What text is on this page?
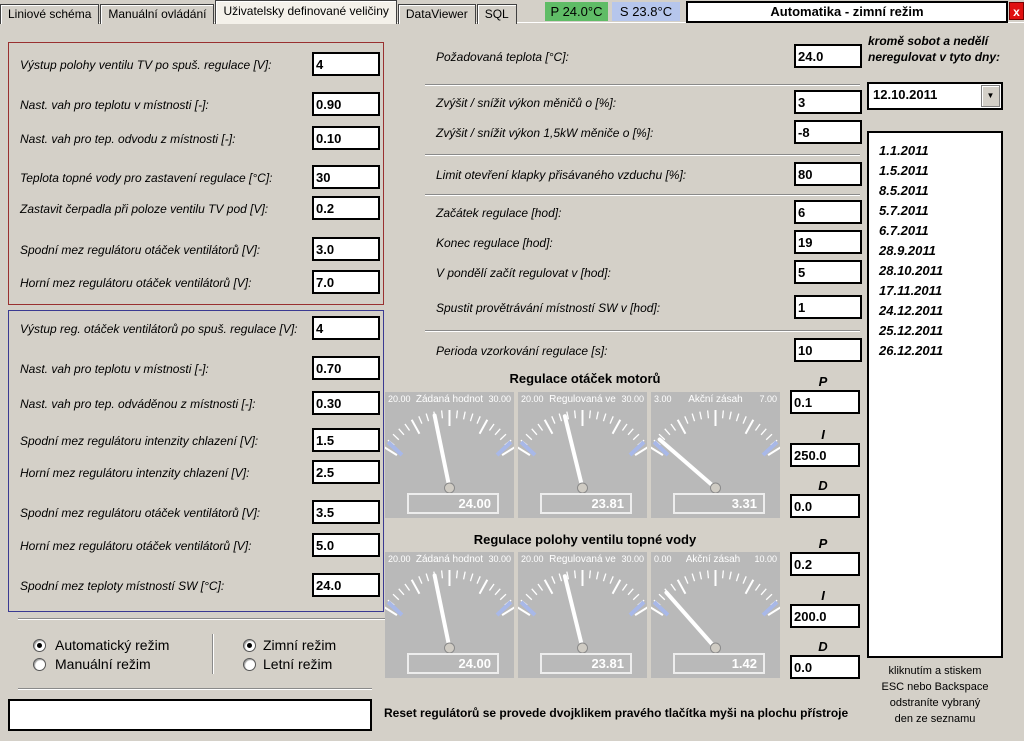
Liniové schéma Manuální ovládání Uživatelsky definované veličiny DataViewer SQL	P 24.0°C	S 23.8°C	Automatika - zimní režim	x
Výstup polohy ventilu TV po spuš. regulace [V]:
4
Nast. vah pro teplotu v místnosti [-]:
0.90
Nast. vah pro tep. odvodu z místnosti [-]:
0.10
Teplota topné vody pro zastavení regulace [°C]:
30
Zastavit čerpadla při poloze ventilu TV pod [V]:
0.2
Spodní mez regulátoru otáček ventilátorů [V]:
3.0
Horní mez regulátoru otáček ventilátorů [V]:
7.0
Výstup reg. otáček ventilátorů po spuš. regulace [V]:
4
Nast. vah pro teplotu v místnosti [-]:
0.70
Nast. vah pro tep. odváděnou z místnosti [-]:
0.30
Spodní mez regulátoru intenzity chlazení [V]:
1.5
Horní mez regulátoru intenzity chlazení [V]:
2.5
Spodní mez regulátoru otáček ventilátorů [V]:
3.5
Horní mez regulátoru otáček ventilátorů [V]:
5.0
Spodní mez teploty místností SW [°C]:
24.0
Požadovaná teplota [°C]:
24.0
Zvýšit / snížit výkon měničů o [%]:
3
Zvýšit / snížit výkon 1,5kW měniče o [%]:
-8
Limit otevření klapky přisávaného vzduchu [%]:
80
Začátek regulace [hod]:
6
Konec regulace [hod]:
19
V pondělí začít regulovat v [hod]:
5
Spustit provětrávání místností SW v [hod]:
1
Perioda vzorkování regulace [s]:
10
Regulace otáček motorů
20.00 Žádaná hodnot 30.00
24.00
20.00 Regulovaná ve 30.00
23.81
3.00 Akční zásah 7.00
3.31
P
0.1
I
250.0
D
0.0
Regulace polohy ventilu topné vody
20.00 Žádaná hodnot 30.00
24.00
20.00 Regulovaná ve 30.00
23.81
0.00 Akční zásah 10.00
1.42
P
0.2
I
200.0
D
0.0
kromě sobot a nedělí
neregulovat v tyto dny:
12.10.2011	▼
1.1.2011
1.5.2011
8.5.2011
5.7.2011
6.7.2011
28.9.2011
28.10.2011
17.11.2011
24.12.2011
25.12.2011
26.12.2011
kliknutím a stiskem
ESC nebo Backspace
odstraníte vybraný
den ze seznamu
Automatický režim
Manuální režim
Zimní režim
Letní režim
Reset regulátorů se provede dvojklikem pravého tlačítka myši na plochu přístroje
